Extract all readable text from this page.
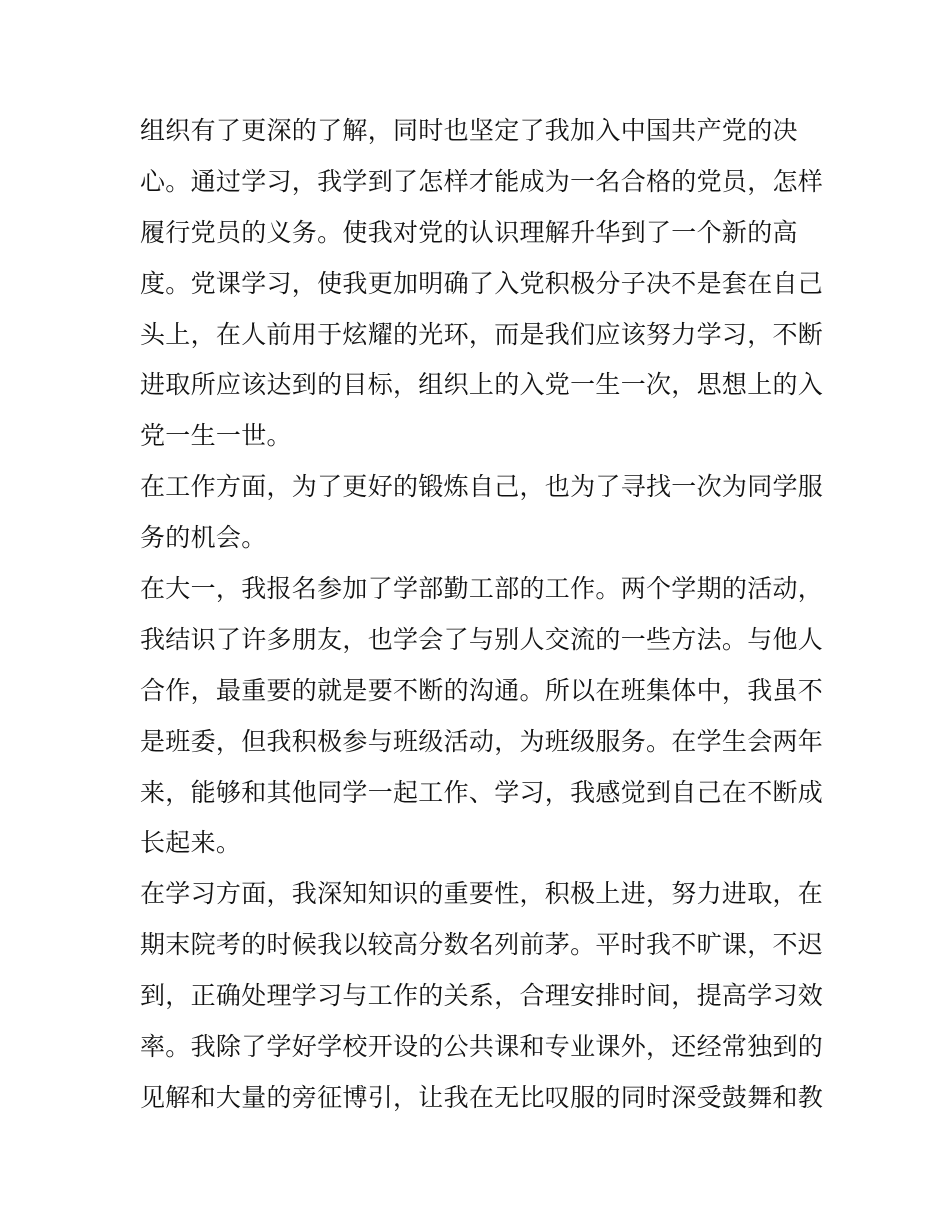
组织有了更深的了解，同时也坚定了我加入中国共产党的决
心。通过学习，我学到了怎样才能成为一名合格的党员，怎样
履行党员的义务。使我对党的认识理解升华到了一个新的高
度。党课学习，使我更加明确了入党积极分子决不是套在自己
头上，在人前用于炫耀的光环，而是我们应该努力学习，不断
进取所应该达到的目标，组织上的入党一生一次，思想上的入
党一生一世。
在工作方面，为了更好的锻炼自己，也为了寻找一次为同学服
务的机会。
在大一，我报名参加了学部勤工部的工作。两个学期的活动，
我结识了许多朋友，也学会了与别人交流的一些方法。与他人
合作，最重要的就是要不断的沟通。所以在班集体中，我虽不
是班委，但我积极参与班级活动，为班级服务。在学生会两年
来，能够和其他同学一起工作、学习，我感觉到自己在不断成
长起来。
在学习方面，我深知知识的重要性，积极上进，努力进取，在
期末院考的时候我以较高分数名列前茅。平时我不旷课，不迟
到，正确处理学习与工作的关系，合理安排时间，提高学习效
率。我除了学好学校开设的公共课和专业课外，还经常独到的
见解和大量的旁征博引，让我在无比叹服的同时深受鼓舞和教
